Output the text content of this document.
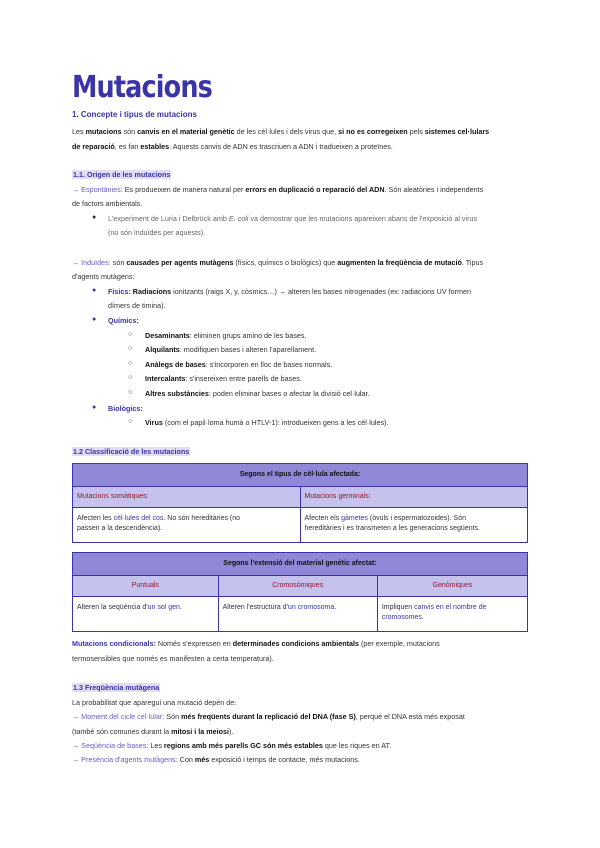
Mutacions
1. Concepte i tipus de mutacions
Les mutacions són canvis en el material genètic de les cèl·lules i dels virus que, si no es corregeixen pels sistemes cel·lulars
de reparació, es fan estables. Aquests canvis de ADN es trascriuen a ADN i tradueixen a proteïnes.
1.1. Origen de les mutacions
→ Espontànies: Es produeixen de manera natural per errors en duplicació o reparació del ADN. Són aleatòries i independents
de factors ambientals.
● L'experiment de Luria i Delbrück amb E. coli va demostrar que les mutacions apareixen abans de l'exposició al virus
(no són induïdes per aquests).
→ Induïdes: són causades per agents mutàgens (físics, químics o biològics) que augmenten la freqüència de mutació. Tipus
d'agents mutàgens:
● Físics: Radiacions ionitzants (raigs X, y, còsmics…) → alteren les bases nitrogenades (ex: radiacions UV formen
dímers de timina).
● Químics:
○ Desaminants: eliminen grups amino de les bases.
○ Alquilants: modifiquen bases i alteren l'aparellament.
○ Anàlegs de bases: s'incorporen en lloc de bases normals.
○ Intercalants: s'insereixen entre parells de bases.
○ Altres substàncies: poden eliminar bases o afectar la divisió cel·lular.
● Biològics:
○ Virus (com el papil·loma humà o HTLV-1): introdueixen gens a les cèl·lules).
1.2 Classificació de les mutacions
Segons el tipus de cèl·lula afectada:	
Mutacions somàtiques:	Mutacions germinals:
Afecten les cèl·lules del cos. No són hereditàries (no
passen a la descendència).	Afecten els gàmetes (òvuls i espermatozoides). Són
hereditàries i es transmeten a les generacions següents.
Segons l'extensió del material genètic afectat:		
Puntuals	Cromosòmiques	Genòmiques
Alteren la seqüència d'un sol gen.	Alteren l'estructura d'un cromosoma.	Impliquen canvis en el nombre de
cromosomes.
Mutacions condicionals: Només s'expressen en determinades condicions ambientals (per exemple, mutacions
termosensibles que només es manifesten a certa temperatura).
1.3 Freqüència mutàgena
La probabilitat que aparegui una mutació depèn de:
→ Moment del cicle cel·lular: Són més freqüents durant la replicació del DNA (fase S), perquè el DNA està més exposat
(també són comunes durant la mitosi i la meiosi).
→ Seqüència de bases: Les regions amb més parells GC són més estables que les riques en AT.
→ Presència d'agents mutàgens: Con més exposició i temps de contacte, més mutacions.
